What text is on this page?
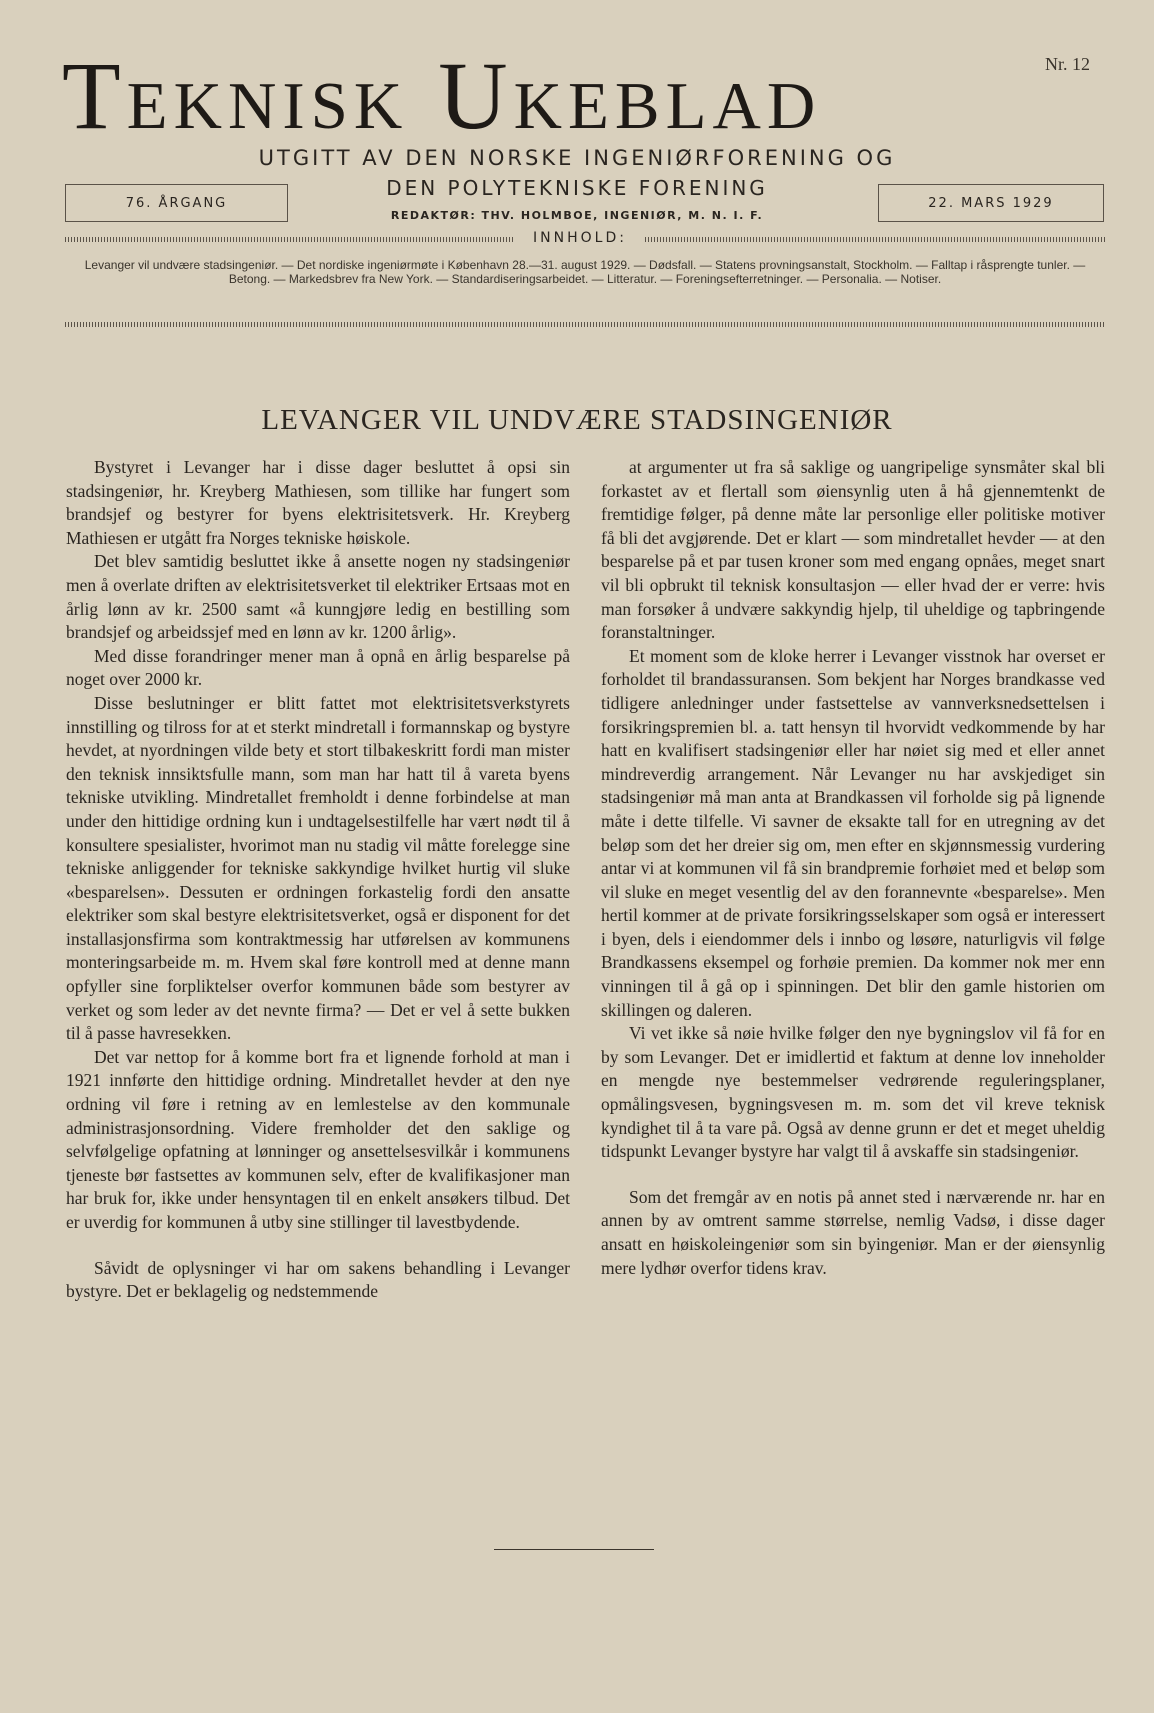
Teknisk Ukeblad	Nr. 12
UTGITT AV DEN NORSKE INGENIØRFORENING OG
DEN POLYTEKNISKE FORENING
REDAKTØR: THV. HOLMBOE, INGENIØR, M. N. I. F.
76. ÅRGANG	22. MARS 1929
INNHOLD:
Levanger vil undvære stadsingeniør. — Det nordiske ingeniørmøte i København 28.—31. august 1929. — Dødsfall. — Statens provningsanstalt, Stockholm. — Falltap i råsprengte tunler. — Betong. — Markedsbrev fra New York. — Standardiseringsarbeidet. — Litteratur. — Foreningsefterretninger. — Personalia. — Notiser.
LEVANGER VIL UNDVÆRE STADSINGENIØR

Bystyret i Levanger har i disse dager besluttet å opsi sin stadsingeniør, hr. Kreyberg Mathiesen, som tillike har fungert som brandsjef og bestyrer for byens elektrisitetsverk. Hr. Kreyberg Mathiesen er utgått fra Norges tekniske høiskole.

Det blev samtidig besluttet ikke å ansette nogen ny stadsingeniør men å overlate driften av elektrisitetsverket til elektriker Ertsaas mot en årlig lønn av kr. 2500 samt «å kunngjøre ledig en bestilling som brandsjef og arbeidssjef med en lønn av kr. 1200 årlig».

Med disse forandringer mener man å opnå en årlig besparelse på noget over 2000 kr.

Disse beslutninger er blitt fattet mot elektrisitetsverkstyrets innstilling og tilross for at et sterkt mindretall i formannskap og bystyre hevdet, at nyordningen vilde bety et stort tilbakeskritt fordi man mister den teknisk innsiktsfulle mann, som man har hatt til å vareta byens tekniske utvikling. Mindretallet fremholdt i denne forbindelse at man under den hittidige ordning kun i undtagelsestilfelle har vært nødt til å konsultere spesialister, hvorimot man nu stadig vil måtte forelegge sine tekniske anliggender for tekniske sakkyndige hvilket hurtig vil sluke «besparelsen». Dessuten er ordningen forkastelig fordi den ansatte elektriker som skal bestyre elektrisitetsverket, også er disponent for det installasjonsfirma som kontraktmessig har utførelsen av kommunens monteringsarbeide m. m. Hvem skal føre kontroll med at denne mann opfyller sine forpliktelser overfor kommunen både som bestyrer av verket og som leder av det nevnte firma? — Det er vel å sette bukken til å passe havresekken.

Det var nettop for å komme bort fra et lignende forhold at man i 1921 innførte den hittidige ordning. Mindretallet hevder at den nye ordning vil føre i retning av en lemlestelse av den kommunale administrasjonsordning. Videre fremholder det den saklige og selvfølgelige opfatning at lønninger og ansettelsesvilkår i kommunens tjeneste bør fastsettes av kommunen selv, efter de kvalifikasjoner man har bruk for, ikke under hensyntagen til en enkelt ansøkers tilbud. Det er uverdig for kommunen å utby sine stillinger til lavestbydende.

Såvidt de oplysninger vi har om sakens behandling i Levanger bystyre. Det er beklagelig og nedstemmende

at argumenter ut fra så saklige og uangripelige synsmåter skal bli forkastet av et flertall som øiensynlig uten å hå gjennemtenkt de fremtidige følger, på denne måte lar personlige eller politiske motiver få bli det avgjørende. Det er klart — som mindretallet hevder — at den besparelse på et par tusen kroner som med engang opnåes, meget snart vil bli opbrukt til teknisk konsultasjon — eller hvad der er verre: hvis man forsøker å undvære sakkyndig hjelp, til uheldige og tapbringende foranstaltninger.

Et moment som de kloke herrer i Levanger visstnok har overset er forholdet til brandassuransen. Som bekjent har Norges brandkasse ved tidligere anledninger under fastsettelse av vannverksnedsettelsen i forsikringspremien bl. a. tatt hensyn til hvorvidt vedkommende by har hatt en kvalifisert stadsingeniør eller har nøiet sig med et eller annet mindreverdig arrangement. Når Levanger nu har avskjediget sin stadsingeniør må man anta at Brandkassen vil forholde sig på lignende måte i dette tilfelle. Vi savner de eksakte tall for en utregning av det beløp som det her dreier sig om, men efter en skjønnsmessig vurdering antar vi at kommunen vil få sin brandpremie forhøiet med et beløp som vil sluke en meget vesentlig del av den forannevnte «besparelse». Men hertil kommer at de private forsikringsselskaper som også er interessert i byen, dels i eiendommer dels i innbo og løsøre, naturligvis vil følge Brandkassens eksempel og forhøie premien. Da kommer nok mer enn vinningen til å gå op i spinningen. Det blir den gamle historien om skillingen og daleren.

Vi vet ikke så nøie hvilke følger den nye bygningslov vil få for en by som Levanger. Det er imidlertid et faktum at denne lov inneholder en mengde nye bestemmelser vedrørende reguleringsplaner, opmålingsvesen, bygningsvesen m. m. som det vil kreve teknisk kyndighet til å ta vare på. Også av denne grunn er det et meget uheldig tidspunkt Levanger bystyre har valgt til å avskaffe sin stadsingeniør.

Som det fremgår av en notis på annet sted i nærværende nr. har en annen by av omtrent samme størrelse, nemlig Vadsø, i disse dager ansatt en høiskoleingeniør som sin byingeniør. Man er der øiensynlig mere lydhør overfor tidens krav.
